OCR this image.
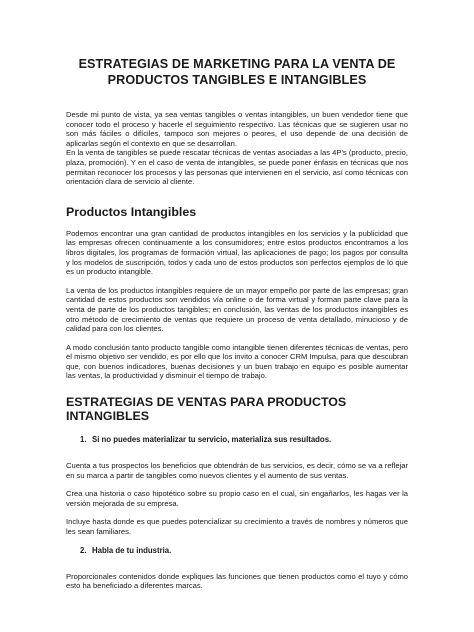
ESTRATEGIAS DE MARKETING PARA LA VENTA DE
PRODUCTOS TANGIBLES E INTANGIBLES

Desde mi punto de vista, ya sea ventas tangibles o ventas intangibles, un buen vendedor tiene que conocer todo el proceso y hacerle el seguimiento respectivo. Las técnicas que se sugieren usar no son más fáciles o difíciles, tampoco son mejores o peores, el uso depende de una decisión de aplicarlas según el contexto en que se desarrollan.

En la venta de tangibles se puede rescatar técnicas de ventas asociadas a las 4P's (producto, precio, plaza, promoción). Y en el caso de venta de intangibles, se puede poner énfasis en técnicas que nos permitan reconocer los procesos y las personas que intervienen en el servicio, así como técnicas con orientación clara de servicio al cliente.

Productos Intangibles

Podemos encontrar una gran cantidad de productos intangibles en los servicios y la publicidad que las empresas ofrecen continuamente a los consumidores; entre estos productos encontramos a los libros digitales, los programas de formación virtual, las aplicaciones de pago; los pagos por consulta y los modelos de suscripción, todos y cada uno de estos productos son perfectos ejemplos de lo que es un producto intangible.

La venta de los productos intangibles requiere de un mayor empeño por parte de las empresas; gran cantidad de estos productos son vendidos vía online o de forma virtual y forman parte clave para la venta de parte de los productos tangibles; en conclusión, las ventas de los productos intangibles es otro método de crecimiento de ventas que requiere un proceso de venta detallado, minucioso y de calidad para con los clientes.

A modo conclusión tanto producto tangible como intangible tienen diferentes técnicas de ventas, pero el mismo objetivo ser vendido, es por ello que los invito a conocer CRM Impulsa, para que descubran que, con buenos indicadores, buenas decisiones y un buen trabajo en equipo es posible aumentar las ventas, la productividad y disminuir el tiempo de trabajo.

ESTRATEGIAS DE VENTAS PARA PRODUCTOS INTANGIBLES
1. Si no puedes materializar tu servicio, materializa sus resultados.

Cuenta a tus prospectos los beneficios que obtendrán de tus servicios, es decir, cómo se va a reflejar en su marca a partir de tangibles como nuevos clientes y el aumento de sus ventas.

Crea una historia o caso hipotético sobre su propio caso en el cual, sin engañarlos, les hagas ver la versión mejorada de su empresa.

Incluye hasta donde es que puedes potencializar su crecimiento a través de nombres y números que les sean familiares.

2. Habla de tu industria.

Proporcionales contenidos donde expliques las funciones que tienen productos como el tuyo y cómo esto ha beneficiado a diferentes marcas.
